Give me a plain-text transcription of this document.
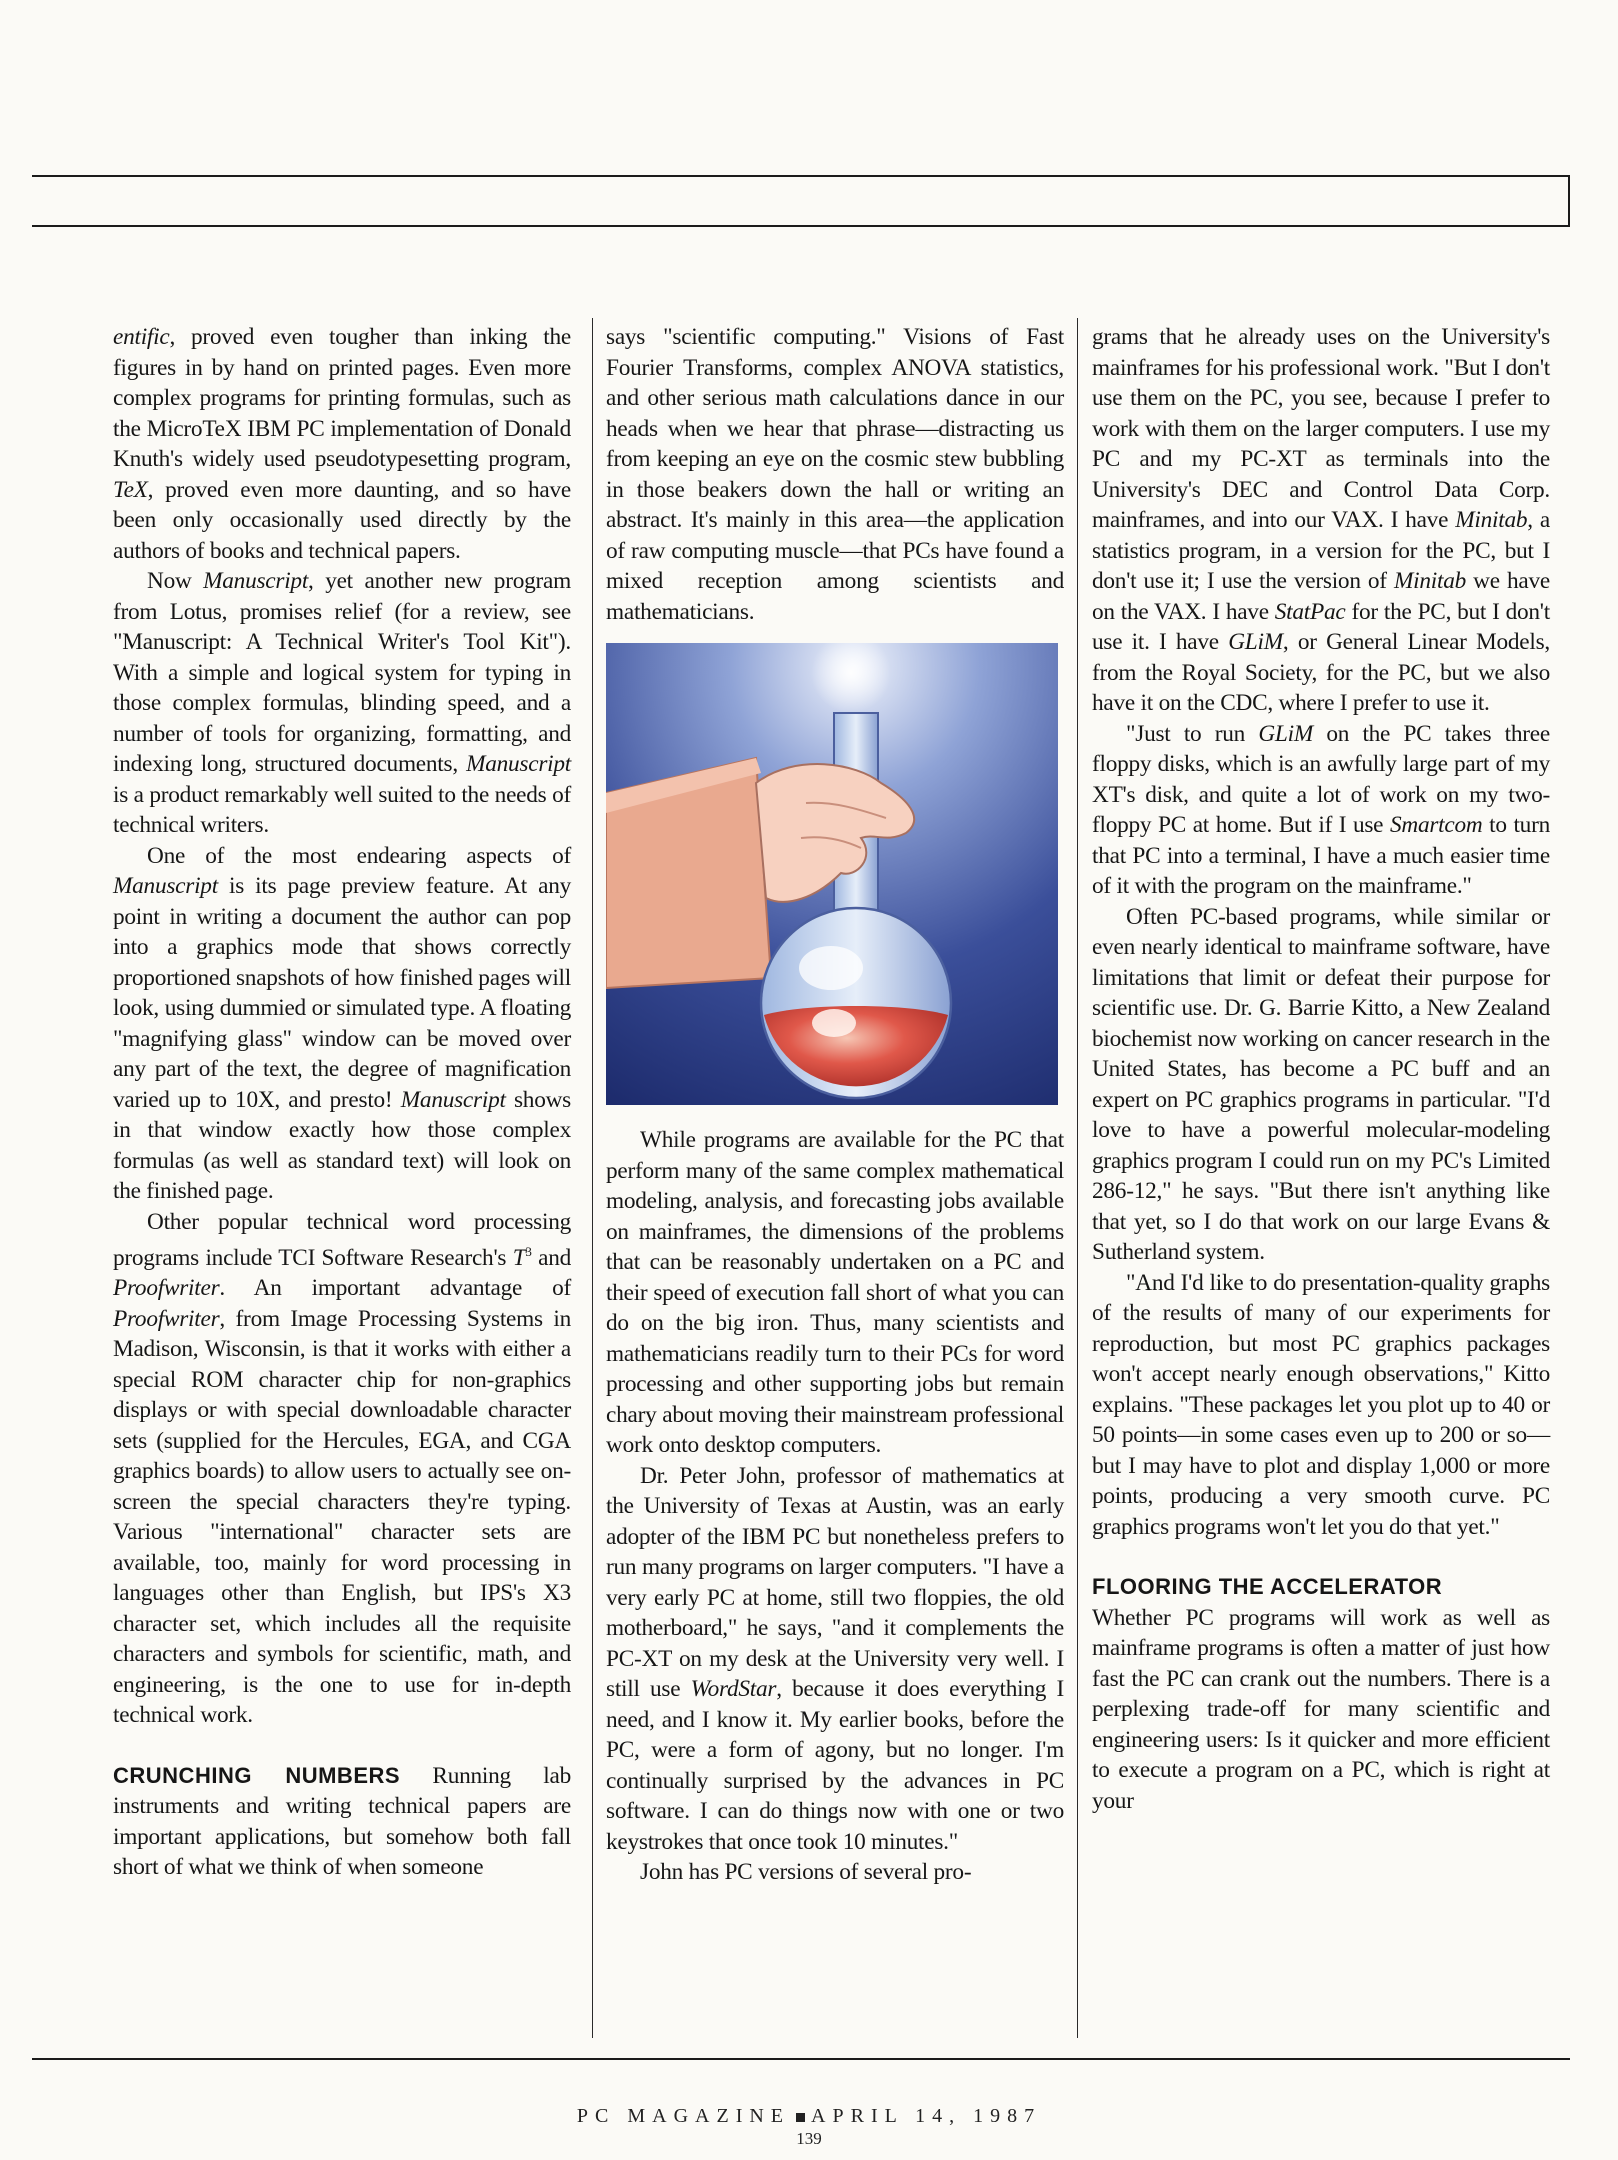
entific, proved even tougher than inking the figures in by hand on printed pages. Even more complex programs for printing formulas, such as the MicroTeX IBM PC implementation of Donald Knuth's widely used pseudotypesetting program, TeX, proved even more daunting, and so have been only occasionally used directly by the authors of books and technical papers.

Now Manuscript, yet another new program from Lotus, promises relief (for a review, see "Manuscript: A Technical Writer's Tool Kit"). With a simple and logical system for typing in those complex formulas, blinding speed, and a number of tools for organizing, formatting, and indexing long, structured documents, Manuscript is a product remarkably well suited to the needs of technical writers.

One of the most endearing aspects of Manuscript is its page preview feature. At any point in writing a document the author can pop into a graphics mode that shows correctly proportioned snapshots of how finished pages will look, using dummied or simulated type. A floating "magnifying glass" window can be moved over any part of the text, the degree of magnification varied up to 10X, and presto! Manuscript shows in that window exactly how those complex formulas (as well as standard text) will look on the finished page.

Other popular technical word processing programs include TCI Software Research's $T^3$ and Proofwriter. An important advantage of Proofwriter, from Image Processing Systems in Madison, Wisconsin, is that it works with either a special ROM character chip for non-graphics displays or with special downloadable character sets (supplied for the Hercules, EGA, and CGA graphics boards) to allow users to actually see on-screen the special characters they're typing. Various "international" character sets are available, too, mainly for word processing in languages other than English, but IPS's X3 character set, which includes all the requisite characters and symbols for scientific, math, and engineering, is the one to use for in-depth technical work.

CRUNCHING NUMBERS Running lab instruments and writing technical papers are important applications, but somehow both fall short of what we think of when someone

says "scientific computing." Visions of Fast Fourier Transforms, complex ANOVA statistics, and other serious math calculations dance in our heads when we hear that phrase—distracting us from keeping an eye on the cosmic stew bubbling in those beakers down the hall or writing an abstract. It's mainly in this area—the application of raw computing muscle—that PCs have found a mixed reception among scientists and mathematicians.

While programs are available for the PC that perform many of the same complex mathematical modeling, analysis, and forecasting jobs available on mainframes, the dimensions of the problems that can be reasonably undertaken on a PC and their speed of execution fall short of what you can do on the big iron. Thus, many scientists and mathematicians readily turn to their PCs for word processing and other supporting jobs but remain chary about moving their mainstream professional work onto desktop computers.

Dr. Peter John, professor of mathematics at the University of Texas at Austin, was an early adopter of the IBM PC but nonetheless prefers to run many programs on larger computers. "I have a very early PC at home, still two floppies, the old motherboard," he says, "and it complements the PC-XT on my desk at the University very well. I still use WordStar, because it does everything I need, and I know it. My earlier books, before the PC, were a form of agony, but no longer. I'm continually surprised by the advances in PC software. I can do things now with one or two keystrokes that once took 10 minutes."

John has PC versions of several pro-

grams that he already uses on the University's mainframes for his professional work. "But I don't use them on the PC, you see, because I prefer to work with them on the larger computers. I use my PC and my PC-XT as terminals into the University's DEC and Control Data Corp. mainframes, and into our VAX. I have Minitab, a statistics program, in a version for the PC, but I don't use it; I use the version of Minitab we have on the VAX. I have StatPac for the PC, but I don't use it. I have GLiM, or General Linear Models, from the Royal Society, for the PC, but we also have it on the CDC, where I prefer to use it.

"Just to run GLiM on the PC takes three floppy disks, which is an awfully large part of my XT's disk, and quite a lot of work on my two-floppy PC at home. But if I use Smartcom to turn that PC into a terminal, I have a much easier time of it with the program on the mainframe."

Often PC-based programs, while similar or even nearly identical to mainframe software, have limitations that limit or defeat their purpose for scientific use. Dr. G. Barrie Kitto, a New Zealand biochemist now working on cancer research in the United States, has become a PC buff and an expert on PC graphics programs in particular. "I'd love to have a powerful molecular-modeling graphics program I could run on my PC's Limited 286-12," he says. "But there isn't anything like that yet, so I do that work on our large Evans & Sutherland system.

"And I'd like to do presentation-quality graphs of the results of many of our experiments for reproduction, but most PC graphics packages won't accept nearly enough observations," Kitto explains. "These packages let you plot up to 40 or 50 points—in some cases even up to 200 or so—but I may have to plot and display 1,000 or more points, producing a very smooth curve. PC graphics programs won't let you do that yet."

FLOORING THE ACCELERATOR

Whether PC programs will work as well as mainframe programs is often a matter of just how fast the PC can crank out the numbers. There is a perplexing trade-off for many scientific and engineering users: Is it quicker and more efficient to execute a program on a PC, which is right at your

PC MAGAZINE APRIL 14, 1987
139
